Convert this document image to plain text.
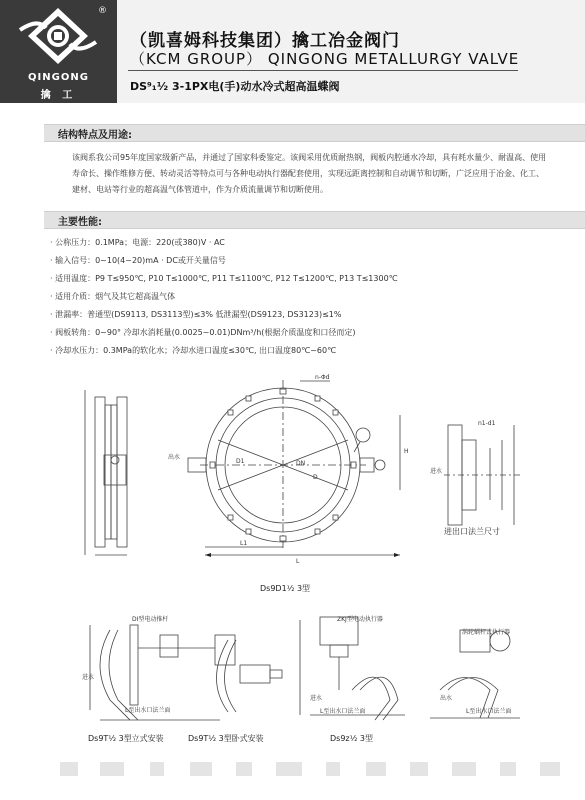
®
QINGONG
擒 工
（凯喜姆科技集团）擒工冶金阀门
（KCM GROUP） QINGONG METALLURGY VALVE
DS⁹₁¹⁄₂ 3-1PX电(手)动水冷式超高温蝶阀
结构特点及用途:
该阀系我公司95年度国家级新产品，并通过了国家科委鉴定。该阀采用优质耐热钢，阀板内腔通水冷却，具有耗水量少、耐温高、使用寿命长、操作维修方便、转动灵活等特点可与各种电动执行器配套使用，实现远距离控制和自动调节和切断，广泛应用于冶金、化工、建材、电站等行业的超高温气体管道中，作为介质流量调节和切断使用。
主要性能:
· 公称压力：0.1MPa；电源：220(或380)V · AC
· 输入信号：0~10(4~20)mA · DC或开关量信号
· 适用温度：P9 T≤950℃, P10 T≤1000℃, P11 T≤1100℃, P12 T≤1200℃, P13 T≤1300℃
· 适用介质：烟气及其它超高温气体
· 泄漏率：普通型(DS9113, DS3113型)≤3% 低泄漏型(DS9123, DS3123)≤1%
· 阀板转角：0~90° 冷却水消耗量(0.0025~0.01)DNm³/h(根据介质温度和口径而定)
· 冷却水压力：0.3MPa的软化水；冷却水进口温度≤30℃, 出口温度80℃~60℃
n-Φd
n1-d1
D1	DN
D
H
L
L1
出水
进水
进出口法兰尺寸
Ds9D1¹⁄₂ 3型
DI型电动推杆	ZKJ型电动执行器
涡轮蜗杆式执行器
进水
进水	出水
L至出水口法兰面	L至出水口法兰面	L至出水口法兰面
Ds9T¹⁄₂ 3型立式安装	Ds9T¹⁄₂ 3型卧式安装	Ds9z¹⁄₂ 3型
